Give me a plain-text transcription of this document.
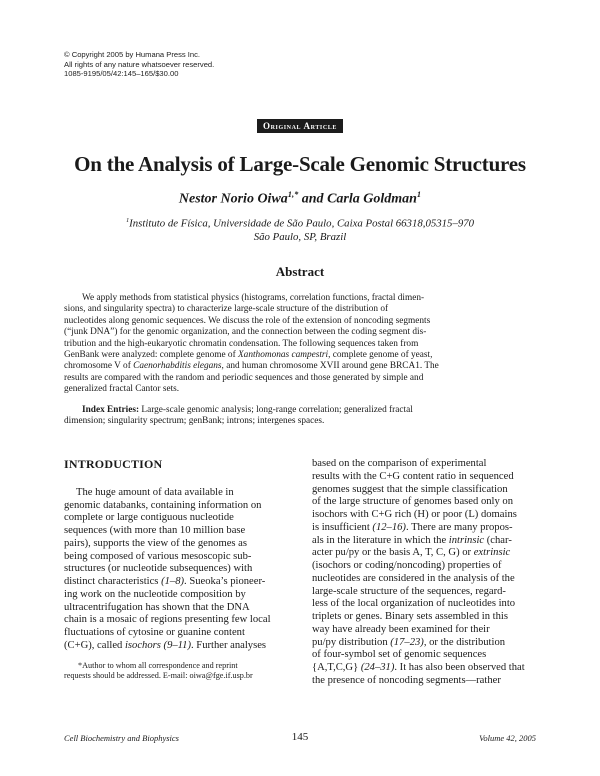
© Copyright 2005 by Humana Press Inc.
All rights of any nature whatsoever reserved.
1085-9195/05/42:145–165/$30.00
Original Article
On the Analysis of Large-Scale Genomic Structures
Nestor Norio Oiwa$^{1,*}$ and Carla Goldman$^1$
$^1$Instituto de Física, Universidade de São Paulo, Caixa Postal 66318,05315–970
São Paulo, SP, Brazil
Abstract
We apply methods from statistical physics (histograms, correlation functions, fractal dimen-
sions, and singularity spectra) to characterize large-scale structure of the distribution of
nucleotides along genomic sequences. We discuss the role of the extension of noncoding segments
(“junk DNA”) for the genomic organization, and the connection between the coding segment dis-
tribution and the high-eukaryotic chromatin condensation. The following sequences taken from
GenBank were analyzed: complete genome of Xanthomonas campestri, complete genome of yeast,
chromosome V of Caenorhabditis elegans, and human chromosome XVII around gene BRCA1. The
results are compared with the random and periodic sequences and those generated by simple and
generalized fractal Cantor sets.
Index Entries: Large-scale genomic analysis; long-range correlation; generalized fractal
dimension; singularity spectrum; genBank; introns; intergenes spaces.
INTRODUCTION
The huge amount of data available in
genomic databanks, containing information on
complete or large contiguous nucleotide
sequences (with more than 10 million base
pairs), supports the view of the genomes as
being composed of various mesoscopic sub-
structures (or nucleotide subsequences) with
distinct characteristics (1–8). Sueoka’s pioneer-
ing work on the nucleotide composition by
ultracentrifugation has shown that the DNA
chain is a mosaic of regions presenting few local
fluctuations of cytosine or guanine content
(C+G), called isochors (9–11). Further analyses
*Author to whom all correspondence and reprint
requests should be addressed. E-mail: oiwa@fge.if.usp.br
based on the comparison of experimental
results with the C+G content ratio in sequenced
genomes suggest that the simple classification
of the large structure of genomes based only on
isochors with C+G rich (H) or poor (L) domains
is insufficient (12–16). There are many propos-
als in the literature in which the intrinsic (char-
acter pu/py or the basis A, T, C, G) or extrinsic
(isochors or coding/noncoding) properties of
nucleotides are considered in the analysis of the
large-scale structure of the sequences, regard-
less of the local organization of nucleotides into
triplets or genes. Binary sets assembled in this
way have already been examined for their
pu/py distribution (17–23), or the distribution
of four-symbol set of genomic sequences
{A,T,C,G} (24–31). It has also been observed that
the presence of noncoding segments—rather
Cell Biochemistry and Biophysics	145	Volume 42, 2005
